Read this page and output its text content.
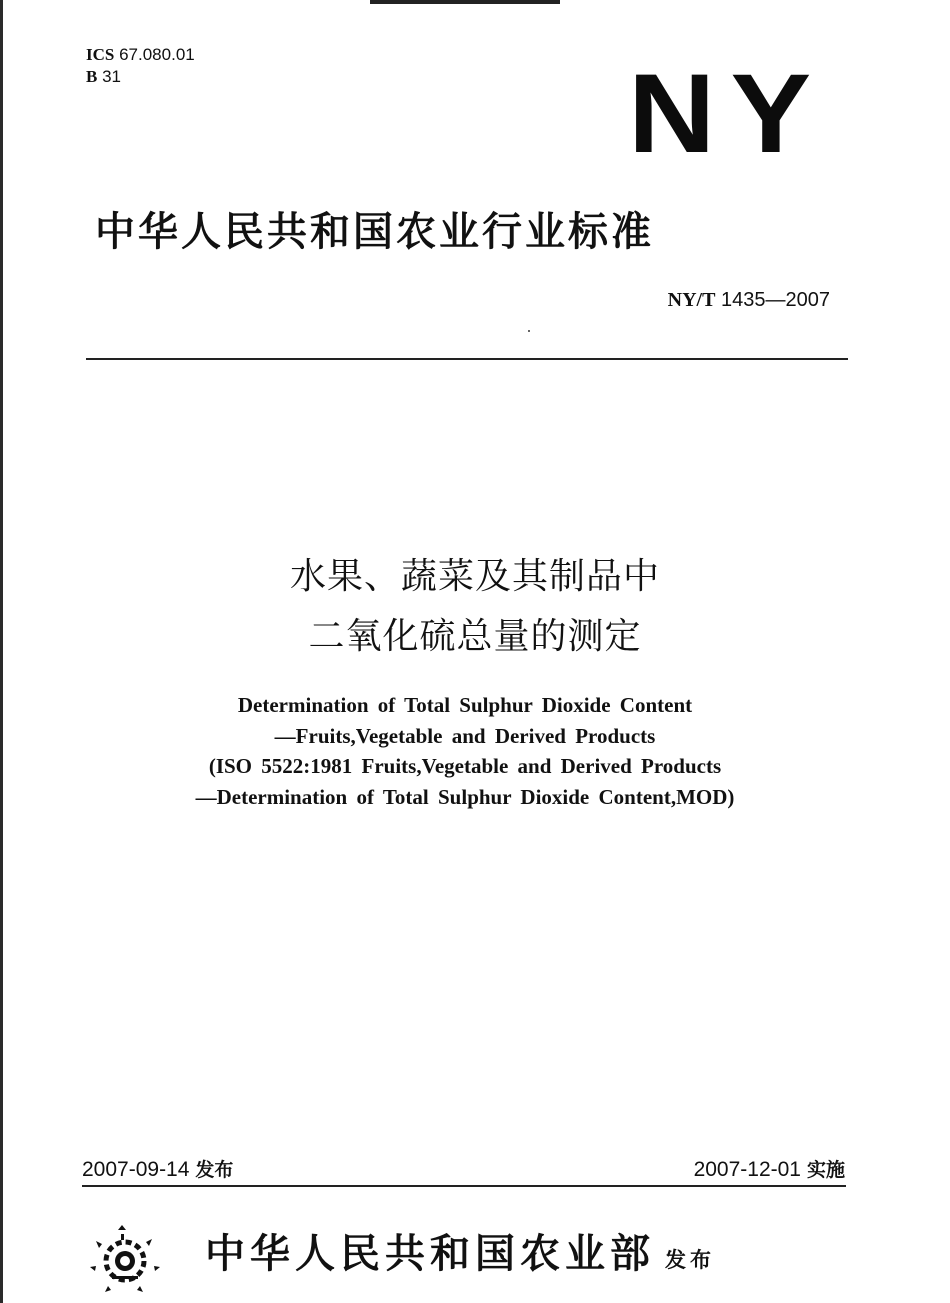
ICS 67.080.01
B 31	NY
中华人民共和国农业行业标准
NY/T 1435—2007
水果、蔬菜及其制品中
二氧化硫总量的测定
Determination of Total Sulphur Dioxide Content
—Fruits,Vegetable and Derived Products
(ISO 5522:1981 Fruits,Vegetable and Derived Products
—Determination of Total Sulphur Dioxide Content,MOD)
2007-09-14 发布	2007-12-01 实施
中华人民共和国农业部 发布
